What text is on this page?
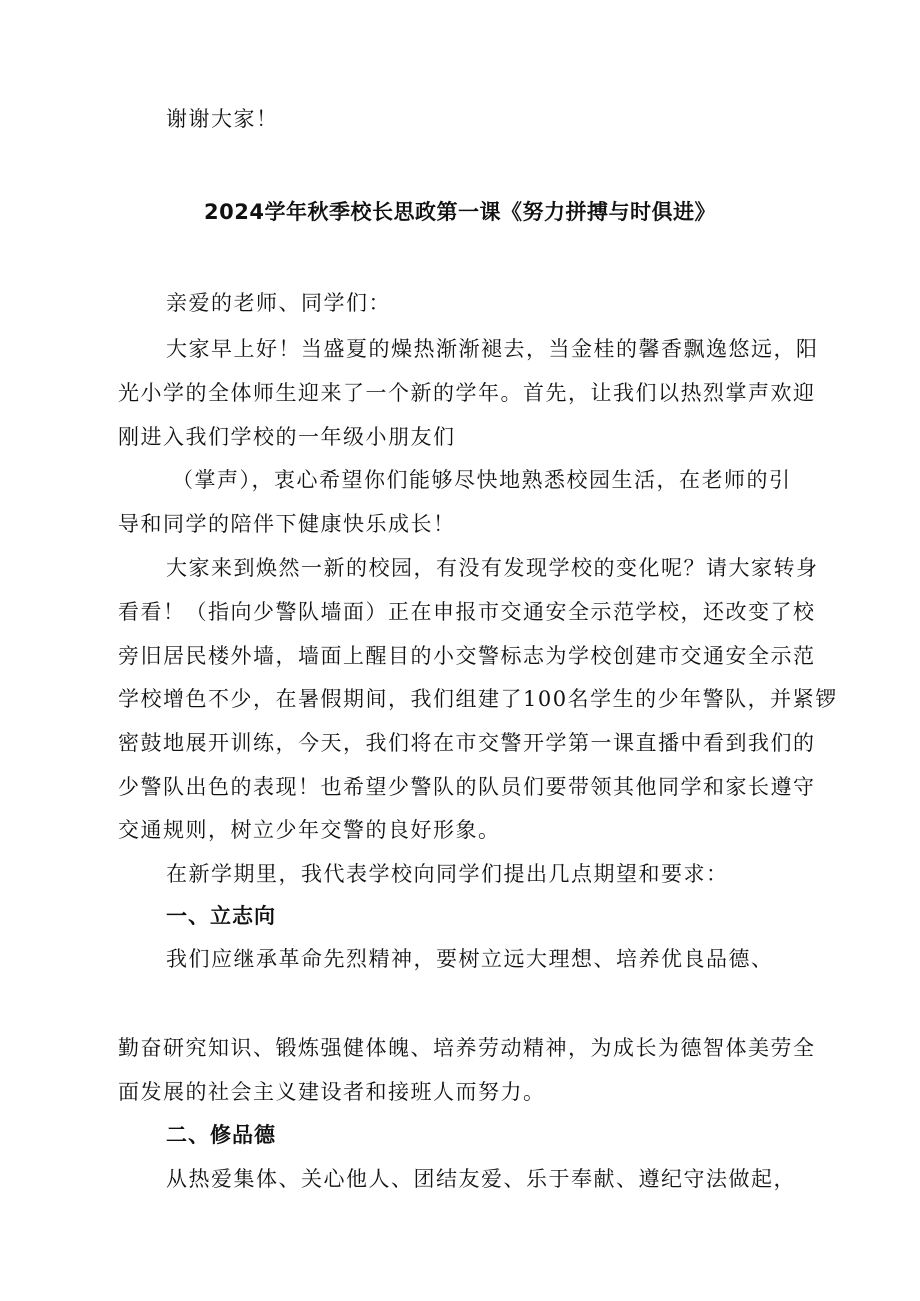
谢谢大家！
2024学年秋季校长思政第一课《努力拼搏与时俱进》
亲爱的老师、同学们：
大家早上好！当盛夏的燥热渐渐褪去，当金桂的馨香飘逸悠远，阳
光小学的全体师生迎来了一个新的学年。首先，让我们以热烈掌声欢迎
刚进入我们学校的一年级小朋友们
（掌声），衷心希望你们能够尽快地熟悉校园生活，在老师的引
导和同学的陪伴下健康快乐成长！
大家来到焕然一新的校园，有没有发现学校的变化呢？请大家转身
看看！（指向少警队墙面）正在申报市交通安全示范学校，还改变了校
旁旧居民楼外墙，墙面上醒目的小交警标志为学校创建市交通安全示范
学校增色不少，在暑假期间，我们组建了100名学生的少年警队，并紧锣
密鼓地展开训练，今天，我们将在市交警开学第一课直播中看到我们的
少警队出色的表现！也希望少警队的队员们要带领其他同学和家长遵守
交通规则，树立少年交警的良好形象。
在新学期里，我代表学校向同学们提出几点期望和要求：
一、立志向
我们应继承革命先烈精神，要树立远大理想、培养优良品德、
勤奋研究知识、锻炼强健体魄、培养劳动精神，为成长为德智体美劳全
面发展的社会主义建设者和接班人而努力。
二、修品德
从热爱集体、关心他人、团结友爱、乐于奉献、遵纪守法做起，
